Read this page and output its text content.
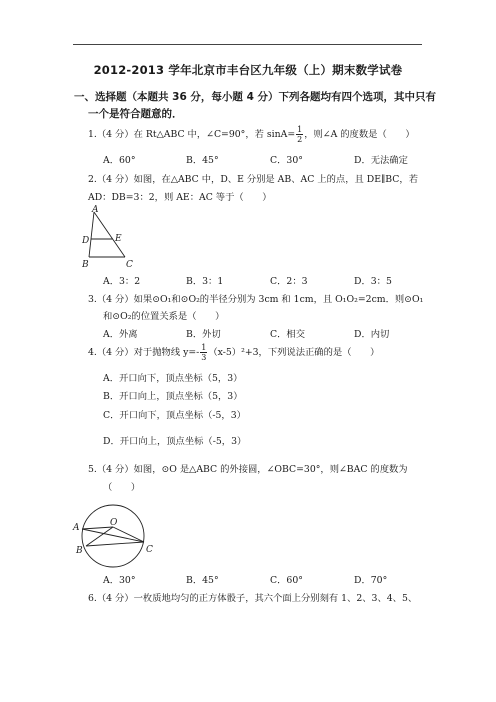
2012-2013 学年北京市丰台区九年级（上）期末数学试卷
一、选择题（本题共 36 分，每小题 4 分）下列各题均有四个选项，其中只有
一个是符合题意的．
1.（4 分）在 Rt△ABC 中，∠C=90°，若 $\sin A= \frac{1}{2}$ ，则∠A 的度数是（　　）
A．60°	B．45°	C．30°	D．无法确定
2.（4 分）如图，在△ABC 中，D、E 分别是 AB、AC 上的点，且 DE∥BC，若
AD：DB=3：2，则 AE：AC 等于（　　）
A
D	E
B	C
A．3：2	B．3：1	C．2：3	D．3：5
3.（4 分）如果⊙O₁和⊙O₂的半径分别为 3cm 和 1cm，且 O₁O₂=2cm．则⊙O₁
和⊙O₂的位置关系是（　　）
A．外离	B．外切	C．相交	D．内切
4.（4 分）对于抛物线 $y=- \frac{1}{3} (x-5)^2+3$，下列说法正确的是（　　）
A．开口向下，顶点坐标（5，3）
B．开口向上，顶点坐标（5，3）
C．开口向下，顶点坐标（-5，3）
D．开口向上，顶点坐标（-5，3）
5.（4 分）如图，⊙O 是△ABC 的外接圆，∠OBC=30°，则∠BAC 的度数为
（　　）
A	O
B	C
A．30°	B．45°	C．60°	D．70°
6.（4 分）一枚质地均匀的正方体骰子，其六个面上分别刻有 1、2、3、4、5、
